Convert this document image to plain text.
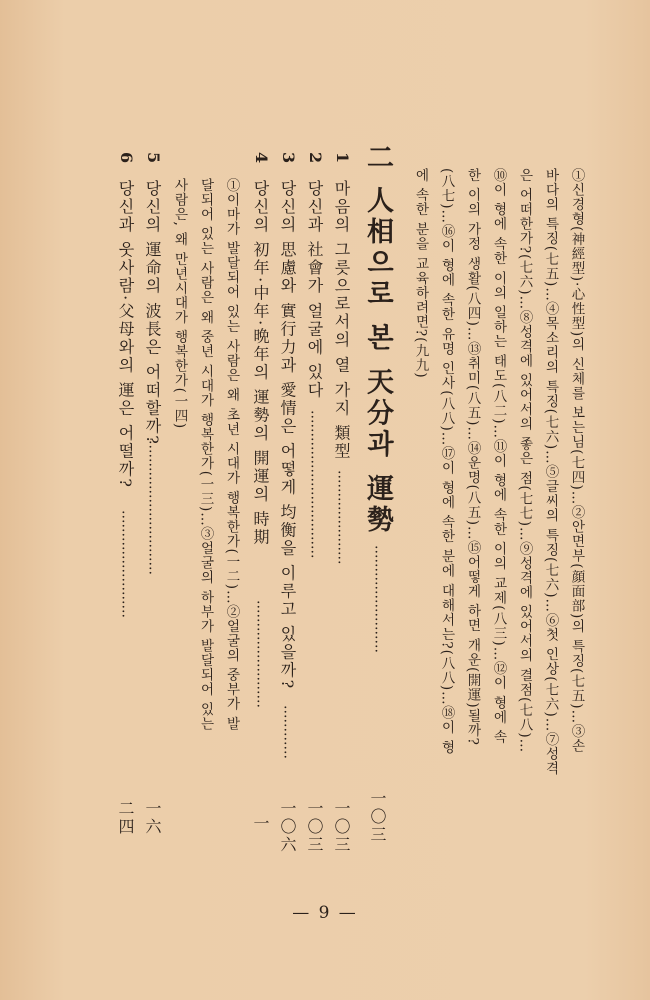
①신경형(神經型)·心性型)의 신체를 보는님(七四)…②안면부(顔面部)의 특징(七五)…③손
바다의 특징(七五)…④목소리의 특징(七六)…⑤글씨의 특징(七六)…⑥첫 인상(七六)…⑦성격
은 어떠한가?(七六)…⑧성격에 있어서의 좋은 점(七七)…⑨성격에 있어서의 결점(七八)…
⑩이 형에 속한 이의 일하는 태도(八二)…⑪이 형에 속한 이의 교제(八三)…⑫이 형에 속
한 이의 가정 생활(八四)…⑬취미(八五)…⑭운명(八五)…⑮어떻게 하면 개운(開運)될까?
(八七)…⑯이 형에 속한 유명 인사(八八)…⑰이 형에 속한 분에 대해서는?(八八)…⑱이 형
에 속한 분을 교육하려면?(九九)
二
人相으로 본 天分과 運勢
……………………
一〇三
1
마음의 그릇으로서의 열 가지 類型
…………………
一〇三
2
당신과 社會가 얼굴에 있다
……………………………
一〇三
3
당신의 思慮와 實行力과 愛情은 어떻게 均衡을 이루고 있을까?
…………
一〇六
4
당신의 初年·中年·晩年의 運勢의 開運의 時期
……………………
一
①이마가 발달되어 있는 사람은 왜 초년 시대가 행복한가(一二)…②얼굴의 중부가 발
달되어 있는 사람은 왜 중년 시대가 행복한가(一三)…③얼굴의 하부가 발달되어 있는
사람은, 왜 만년시대가 행복한가(一四)
5
당신의 運命의 波長은 어떠할까?
…………………………
一六
6
당신과 웃사람·父母와의 運은 어떨까?
……………………
二四
— 9 —
